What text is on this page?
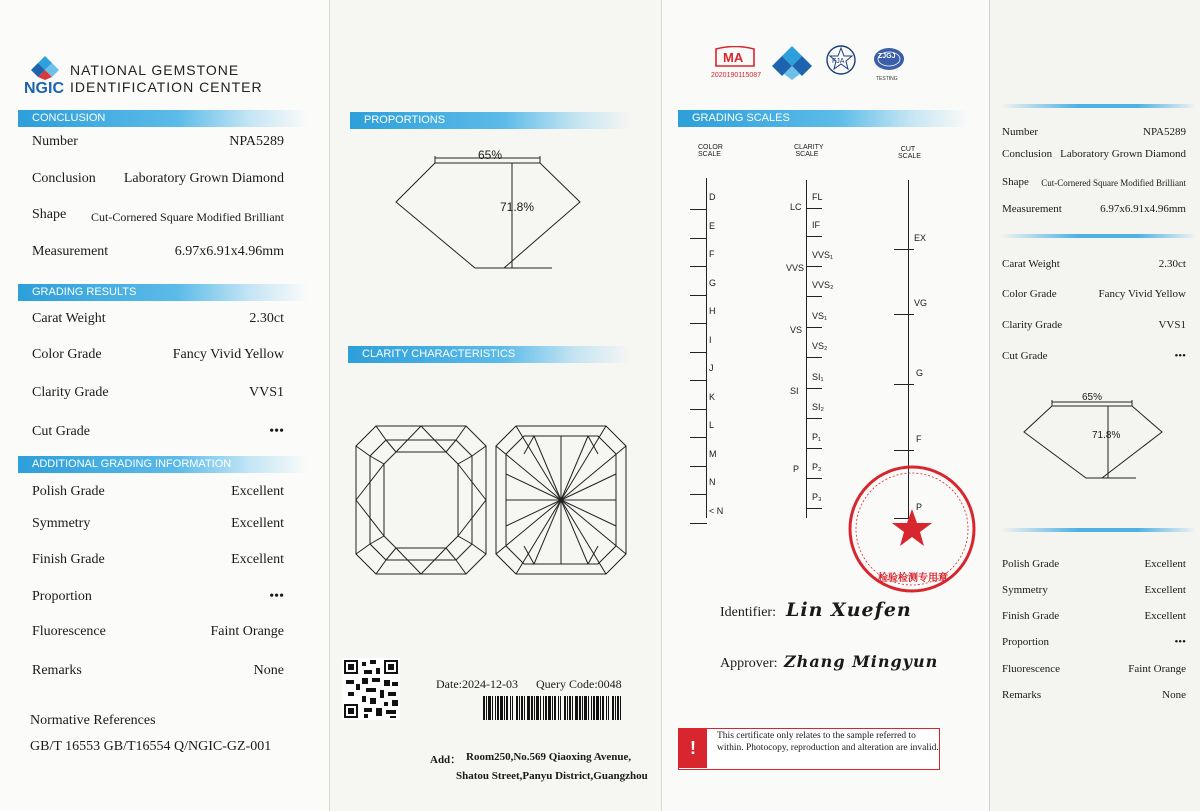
NGIC
NATIONAL GEMSTONE
IDENTIFICATION CENTER
CONCLUSION
Number	NPA5289
Conclusion Laboratory Grown Diamond
Shape Cut-Cornered Square Modified Brilliant
Measurement	6.97x6.91x4.96mm
GRADING RESULTS
Carat Weight	2.30ct
Color Grade	Fancy Vivid Yellow
Clarity Grade	VVS1
Cut Grade	•••
ADDITIONAL GRADING INFORMATION
Polish Grade	Excellent
Symmetry	Excellent
Finish Grade	Excellent
Proportion	•••
Fluorescence	Faint Orange
Remarks	None
Normative References
GB/T 16553 GB/T16554 Q/NGIC-GZ-001
PROPORTIONS
65%
71.8%
CLARITY CHARACTERISTICS
Date:2024-12-03 Query Code:0048
Add： Room250,No.569 Qiaoxing Avenue,
Shatou Street,Panyu District,Guangzhou
MA
2020190115087
FJA
ZJGJ
TESTING
GRADING SCALES
COLOR
SCALE
CLARITY
SCALE
CUT
SCALE
D
E
F
G
H
I
J
K
L
M
N
< N
FL
IF
VVS₁
VVS₂
VS₁
VS₂
SI₁
SI₂
P₁
P₂
P₃
LC
VVS
VS
SI
P
EX
VG
G
F
P
检验检测专用章
Identifier: Lin Xuefen
Approver: Zhang Mingyun
!
This certificate only relates to the sample referred to within. Photocopy, reproduction and alteration are invalid.
Number	NPA5289
Conclusion Laboratory Grown Diamond
Shape Cut-Cornered Square Modified Brilliant
Measurement	6.97x6.91x4.96mm
Carat Weight	2.30ct
Color Grade	Fancy Vivid Yellow
Clarity Grade	VVS1
Cut Grade	•••
65%
71.8%
Polish Grade	Excellent
Symmetry	Excellent
Finish Grade	Excellent
Proportion	•••
Fluorescence	Faint Orange
Remarks	None
